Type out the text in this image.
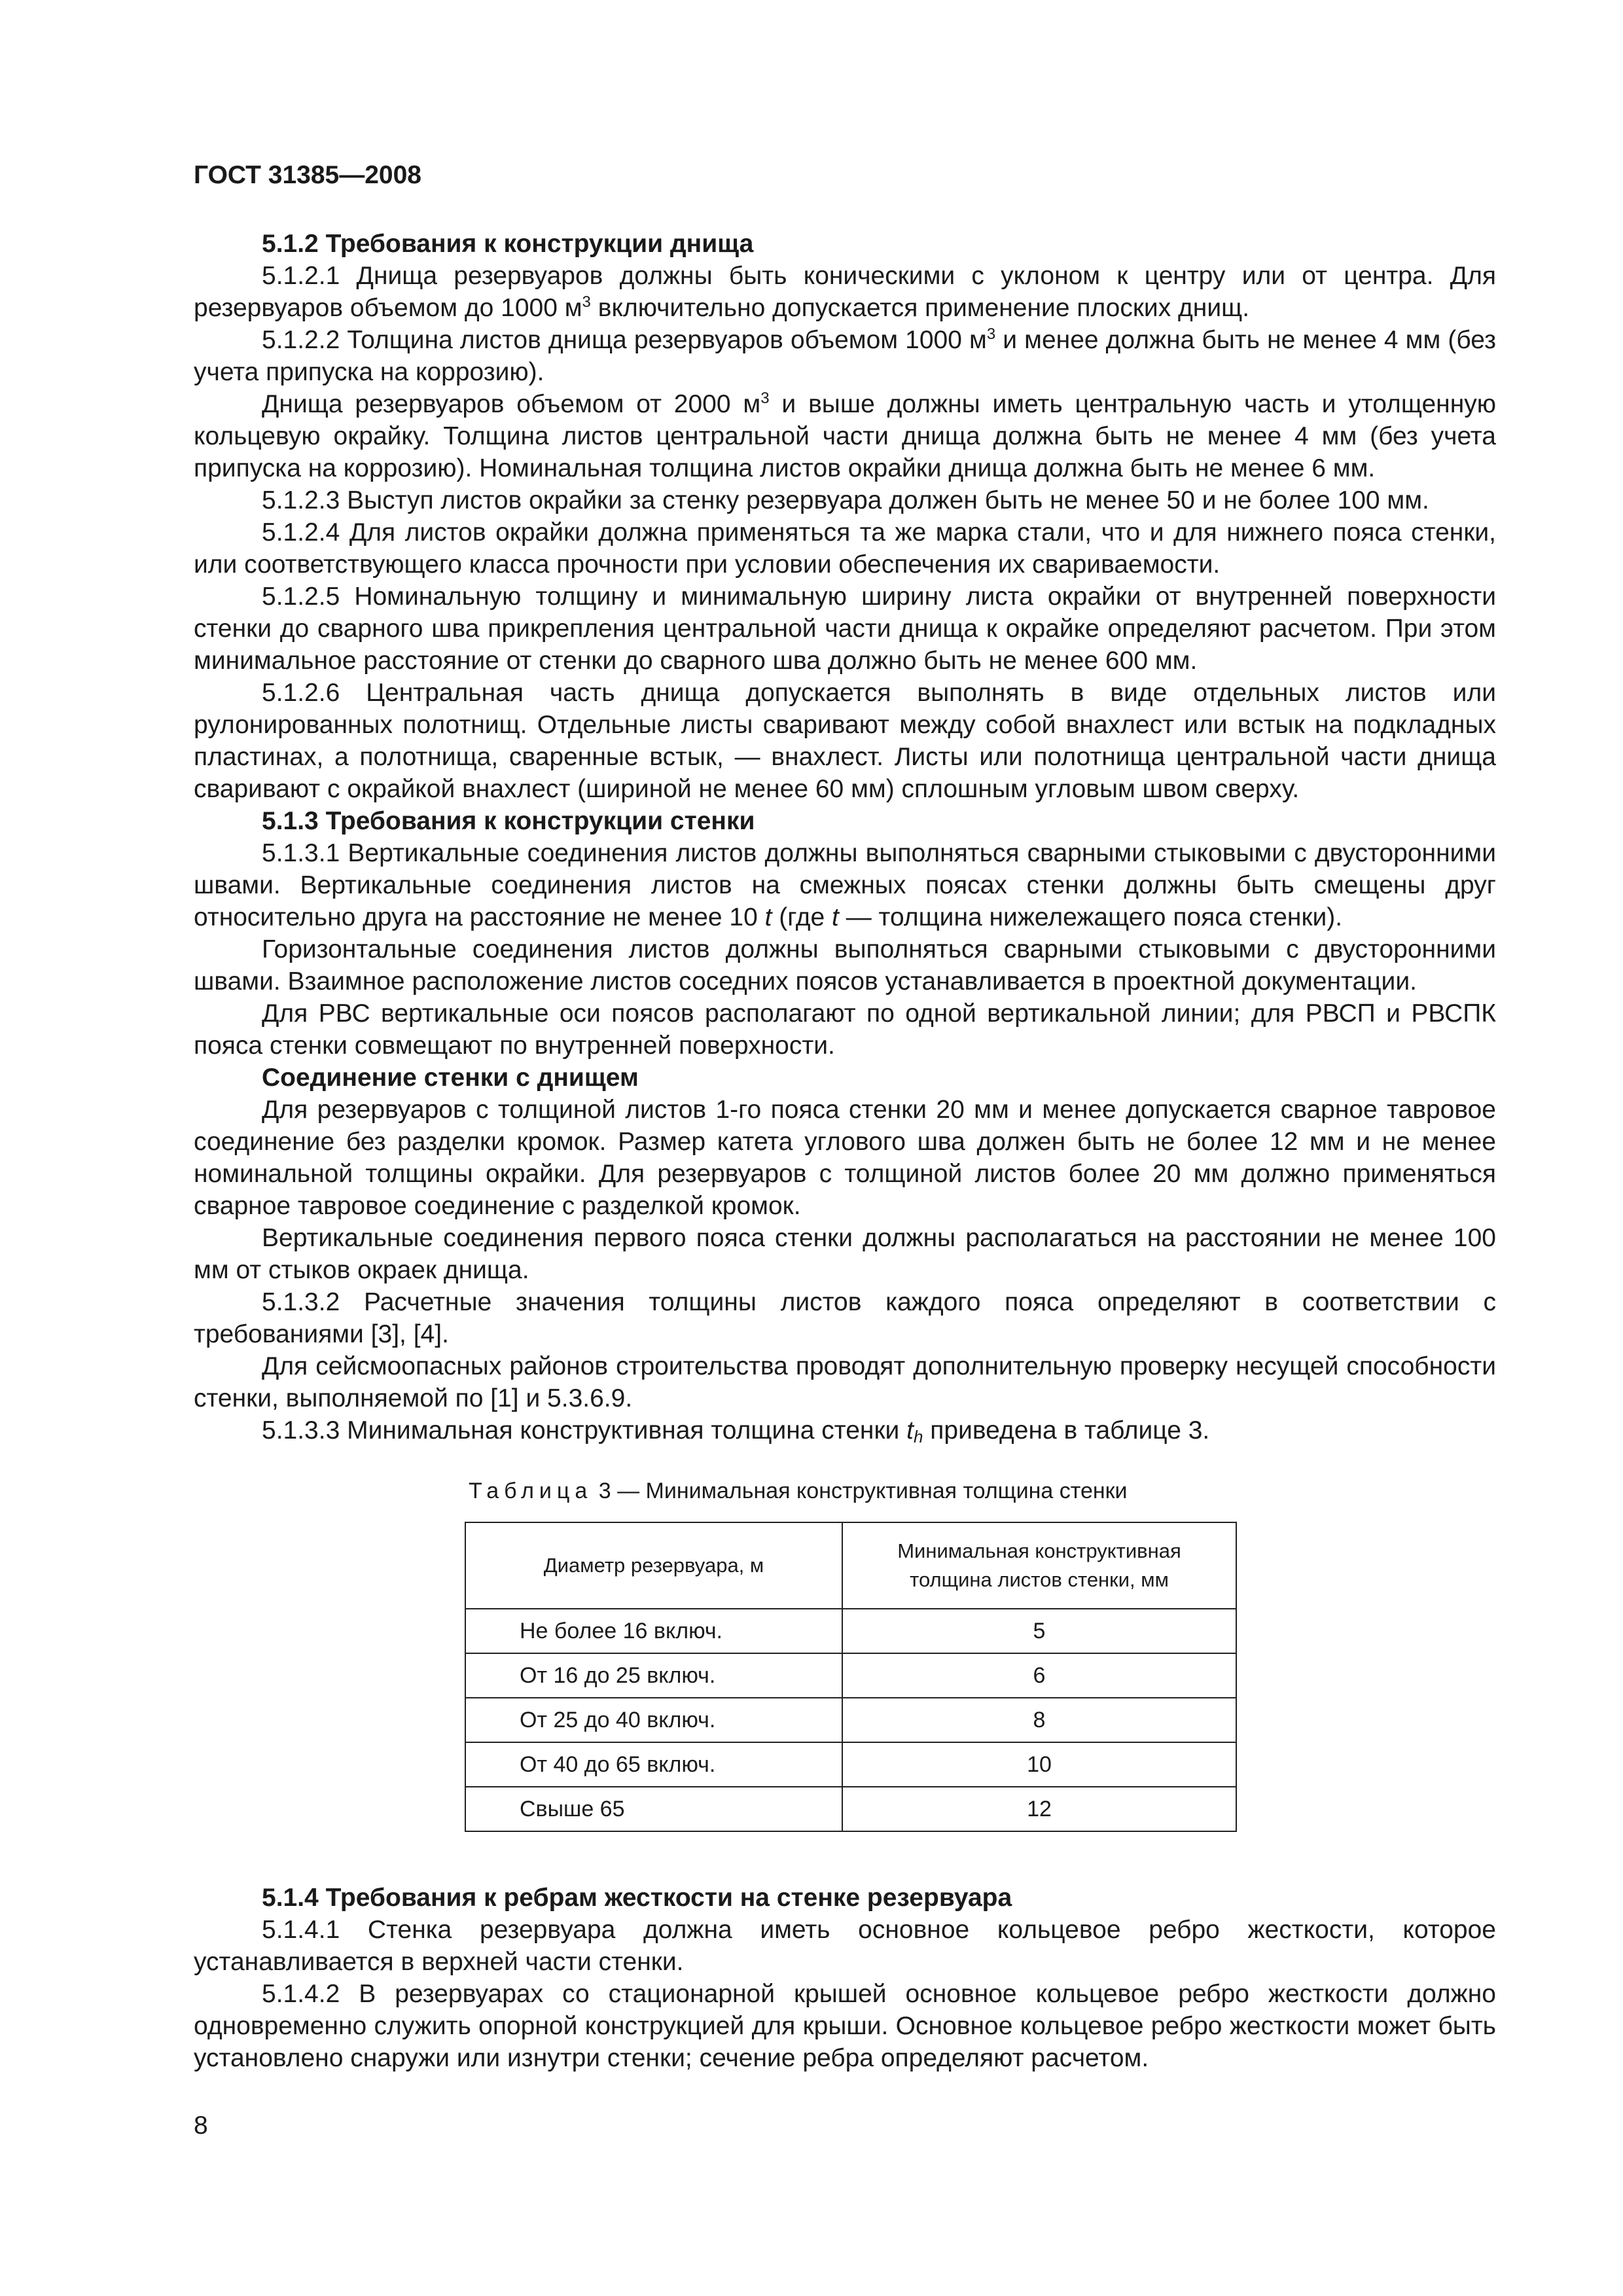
ГОСТ 31385—2008

5.1.2 Требования к конструкции днища

5.1.2.1 Днища резервуаров должны быть коническими с уклоном к центру или от центра. Для резервуаров объемом до 1000 $м^3$ включительно допускается применение плоских днищ.

5.1.2.2 Толщина листов днища резервуаров объемом 1000 $м^3$ и менее должна быть не менее 4 мм (без учета припуска на коррозию).

Днища резервуаров объемом от 2000 $м^3$ и выше должны иметь центральную часть и утолщенную кольцевую окрайку. Толщина листов центральной части днища должна быть не менее 4 мм (без учета припуска на коррозию). Номинальная толщина листов окрайки днища должна быть не менее 6 мм.

5.1.2.3 Выступ листов окрайки за стенку резервуара должен быть не менее 50 и не более 100 мм.

5.1.2.4 Для листов окрайки должна применяться та же марка стали, что и для нижнего пояса стенки, или соответствующего класса прочности при условии обеспечения их свариваемости.

5.1.2.5 Номинальную толщину и минимальную ширину листа окрайки от внутренней поверхности стенки до сварного шва прикрепления центральной части днища к окрайке определяют расчетом. При этом минимальное расстояние от стенки до сварного шва должно быть не менее 600 мм.

5.1.2.6 Центральная часть днища допускается выполнять в виде отдельных листов или рулонированных полотнищ. Отдельные листы сваривают между собой внахлест или встык на подкладных пластинах, а полотнища, сваренные встык, — внахлест. Листы или полотнища центральной части днища сваривают с окрайкой внахлест (шириной не менее 60 мм) сплошным угловым швом сверху.

5.1.3 Требования к конструкции стенки

5.1.3.1 Вертикальные соединения листов должны выполняться сварными стыковыми с двусторонними швами. Вертикальные соединения листов на смежных поясах стенки должны быть смещены друг относительно друга на расстояние не менее 10 t (где t — толщина нижележащего пояса стенки).

Горизонтальные соединения листов должны выполняться сварными стыковыми с двусторонними швами. Взаимное расположение листов соседних поясов устанавливается в проектной документации.

Для РВС вертикальные оси поясов располагают по одной вертикальной линии; для РВСП и РВСПК пояса стенки совмещают по внутренней поверхности.

Соединение стенки с днищем

Для резервуаров с толщиной листов 1-го пояса стенки 20 мм и менее допускается сварное тавровое соединение без разделки кромок. Размер катета углового шва должен быть не более 12 мм и не менее номинальной толщины окрайки. Для резервуаров с толщиной листов более 20 мм должно применяться сварное тавровое соединение с разделкой кромок.

Вертикальные соединения первого пояса стенки должны располагаться на расстоянии не менее 100 мм от стыков окраек днища.

5.1.3.2 Расчетные значения толщины листов каждого пояса определяют в соответствии с требованиями [3], [4].

Для сейсмоопасных районов строительства проводят дополнительную проверку несущей способности стенки, выполняемой по [1] и 5.3.6.9.

5.1.3.3 Минимальная конструктивная толщина стенки $t_h$ приведена в таблице 3.

Таблица 3 — Минимальная конструктивная толщина стенки

Диаметр резервуара, м	Минимальная конструктивная толщина листов стенки, мм
Не более 16 включ.	5
От 16 до 25 включ.	6
От 25 до 40 включ.	8
От 40 до 65 включ.	10
Свыше 65	12

5.1.4 Требования к ребрам жесткости на стенке резервуара

5.1.4.1 Стенка резервуара должна иметь основное кольцевое ребро жесткости, которое устанавливается в верхней части стенки.

5.1.4.2 В резервуарах со стационарной крышей основное кольцевое ребро жесткости должно одновременно служить опорной конструкцией для крыши. Основное кольцевое ребро жесткости может быть установлено снаружи или изнутри стенки; сечение ребра определяют расчетом.

8
